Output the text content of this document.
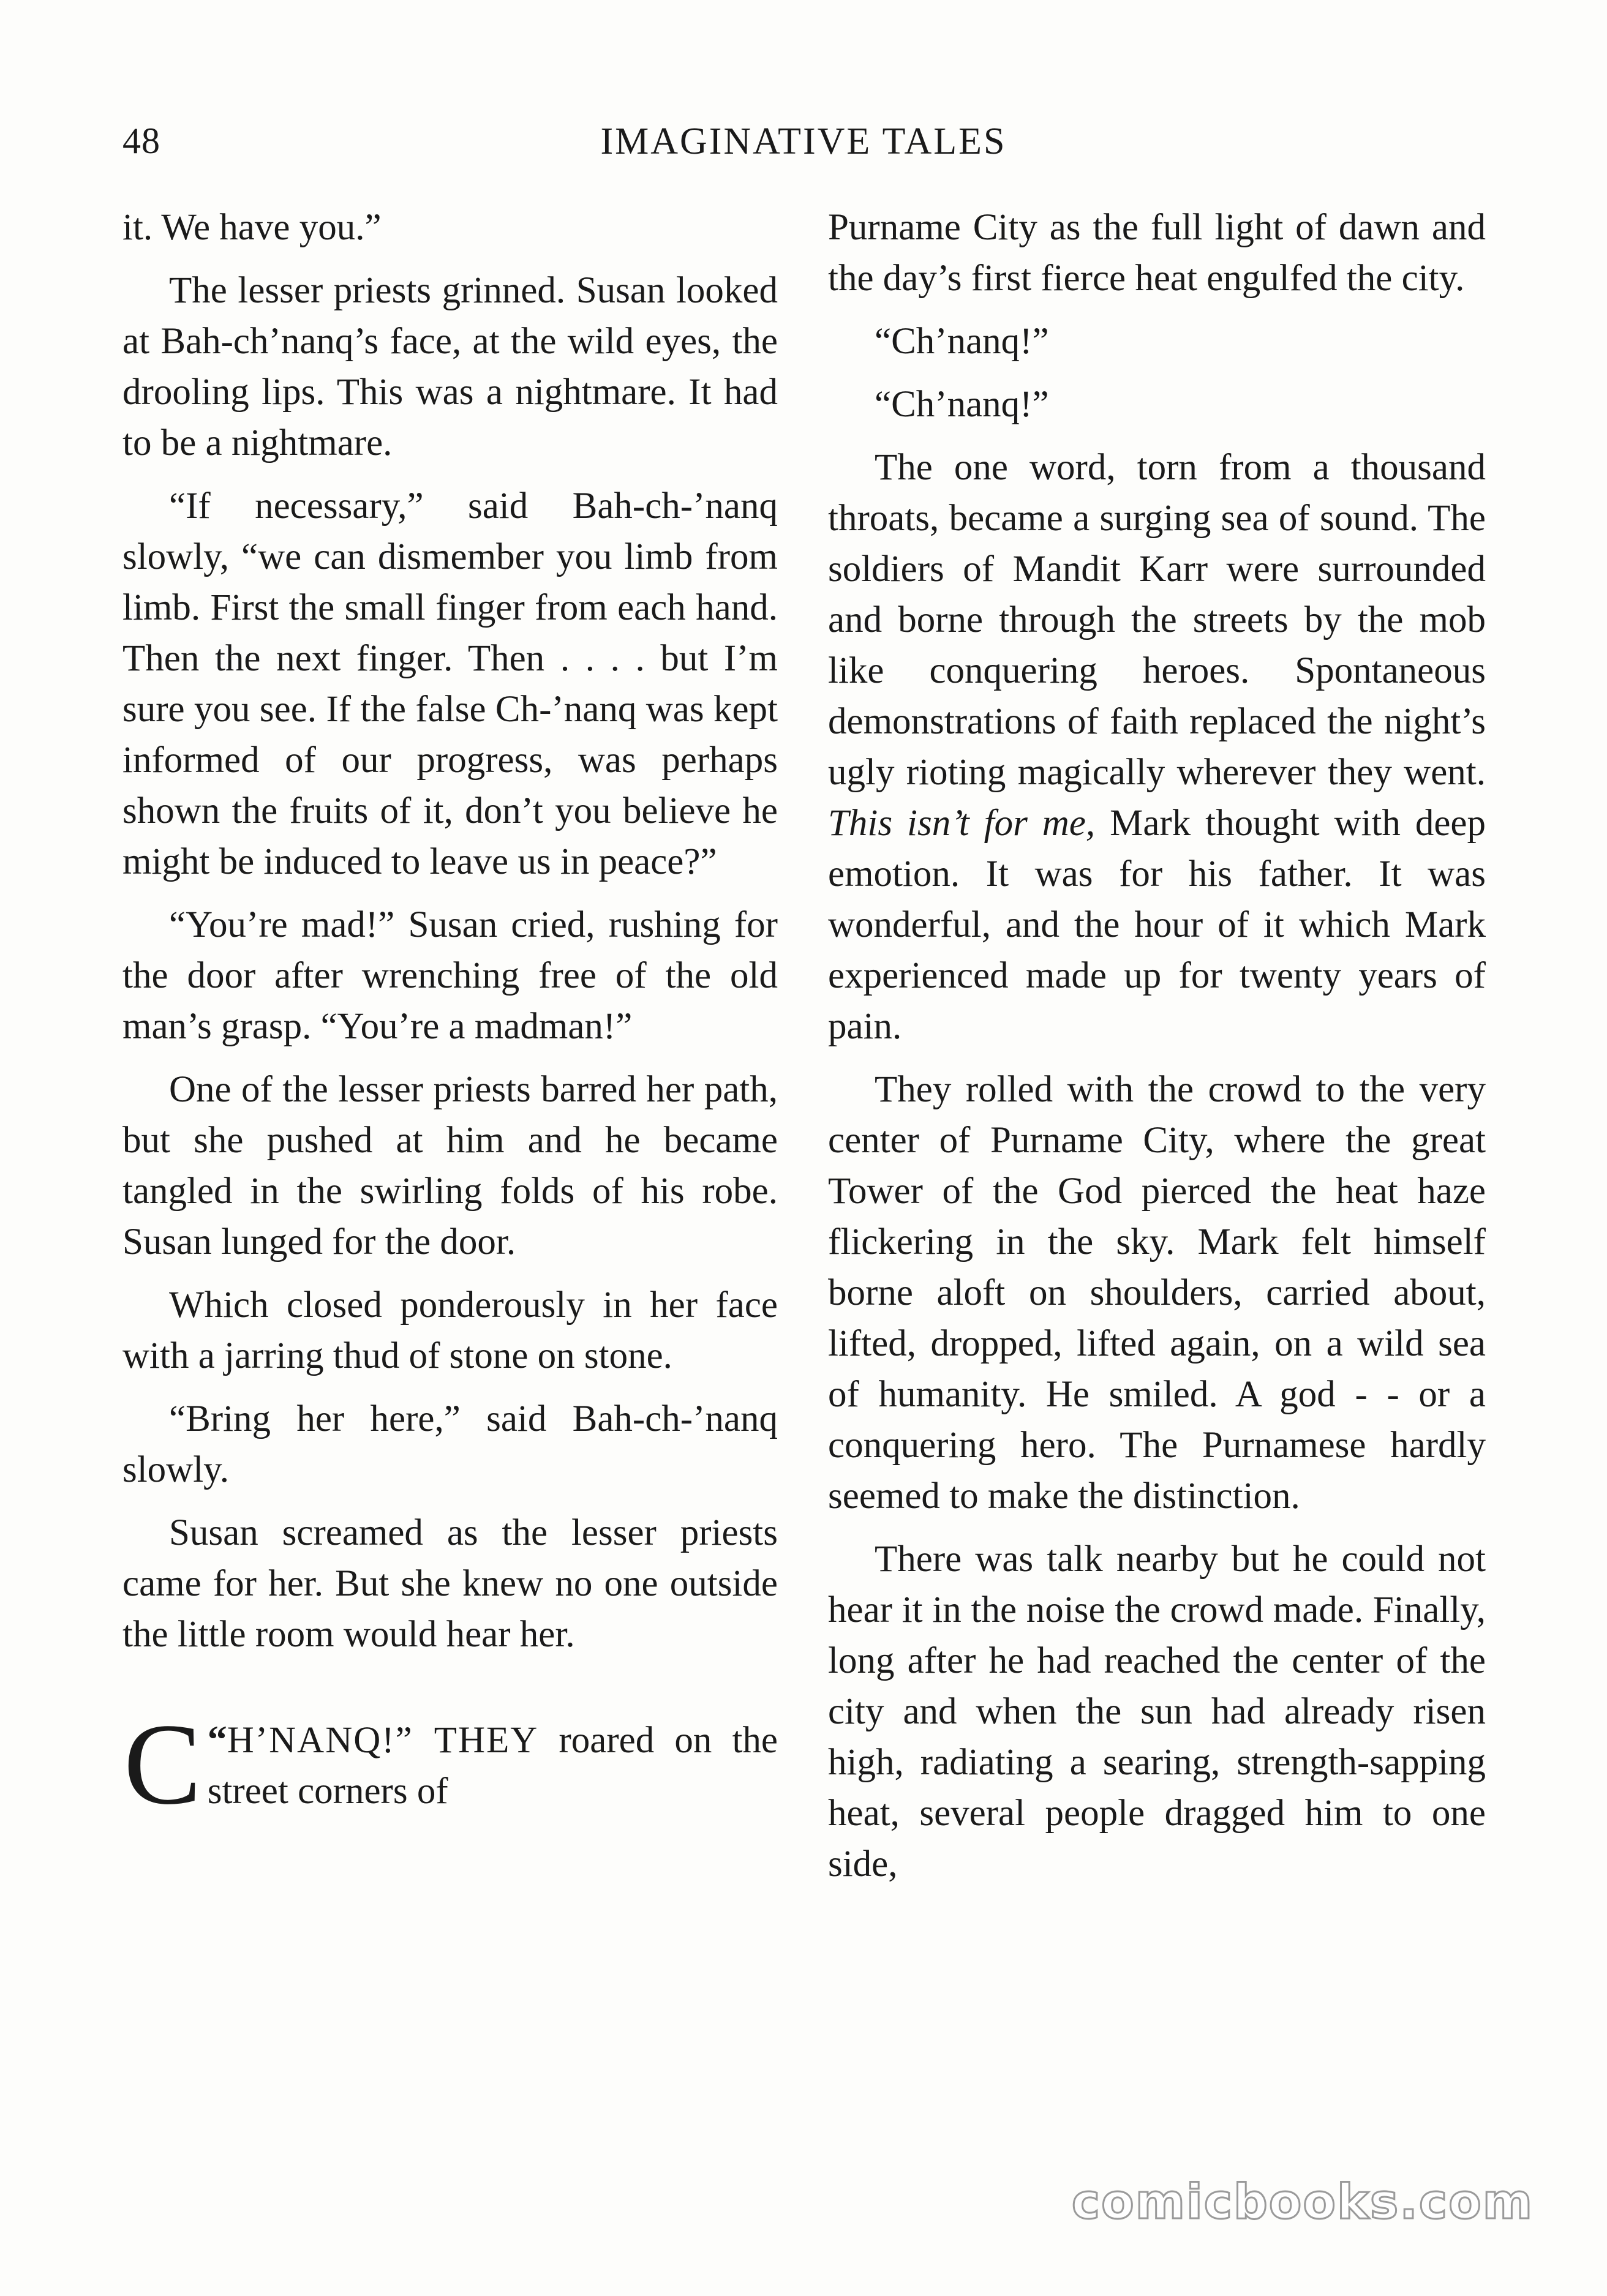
48	IMAGINATIVE TALES

it. We have you.”

The lesser priests grinned. Susan looked at Bah-ch’nanq’s face, at the wild eyes, the drooling lips. This was a nightmare. It had to be a nightmare.

“If necessary,” said Bah-ch-’nanq slowly, “we can dismember you limb from limb. First the small finger from each hand. Then the next finger. Then . . . . but I’m sure you see. If the false Ch-’nanq was kept informed of our progress, was perhaps shown the fruits of it, don’t you believe he might be induced to leave us in peace?”

“You’re mad!” Susan cried, rushing for the door after wrenching free of the old man’s grasp. “You’re a madman!”

One of the lesser priests barred her path, but she pushed at him and he became tangled in the swirling folds of his robe. Susan lunged for the door.

Which closed ponderously in her face with a jarring thud of stone on stone.

“Bring her here,” said Bah-ch-’nanq slowly.

Susan screamed as the lesser priests came for her. But she knew no one outside the little room would hear her.

“
C H’NANQ!” THEY roared on the street corners of

Purname City as the full light of dawn and the day’s first fierce heat engulfed the city.

“Ch’nanq!”

“Ch’nanq!”

The one word, torn from a thousand throats, became a surging sea of sound. The soldiers of Mandit Karr were surrounded and borne through the streets by the mob like conquering heroes. Spontaneous demonstrations of faith replaced the night’s ugly rioting magically wherever they went. This isn’t for me, Mark thought with deep emotion. It was for his father. It was wonderful, and the hour of it which Mark experienced made up for twenty years of pain.

They rolled with the crowd to the very center of Purname City, where the great Tower of the God pierced the heat haze flickering in the sky. Mark felt himself borne aloft on shoulders, carried about, lifted, dropped, lifted again, on a wild sea of humanity. He smiled. A god - - or a conquering hero. The Purnamese hardly seemed to make the distinction.

There was talk nearby but he could not hear it in the noise the crowd made. Finally, long after he had reached the center of the city and when the sun had already risen high, radiating a searing, strength-sapping heat, several people dragged him to one side,

comicbooks.com
